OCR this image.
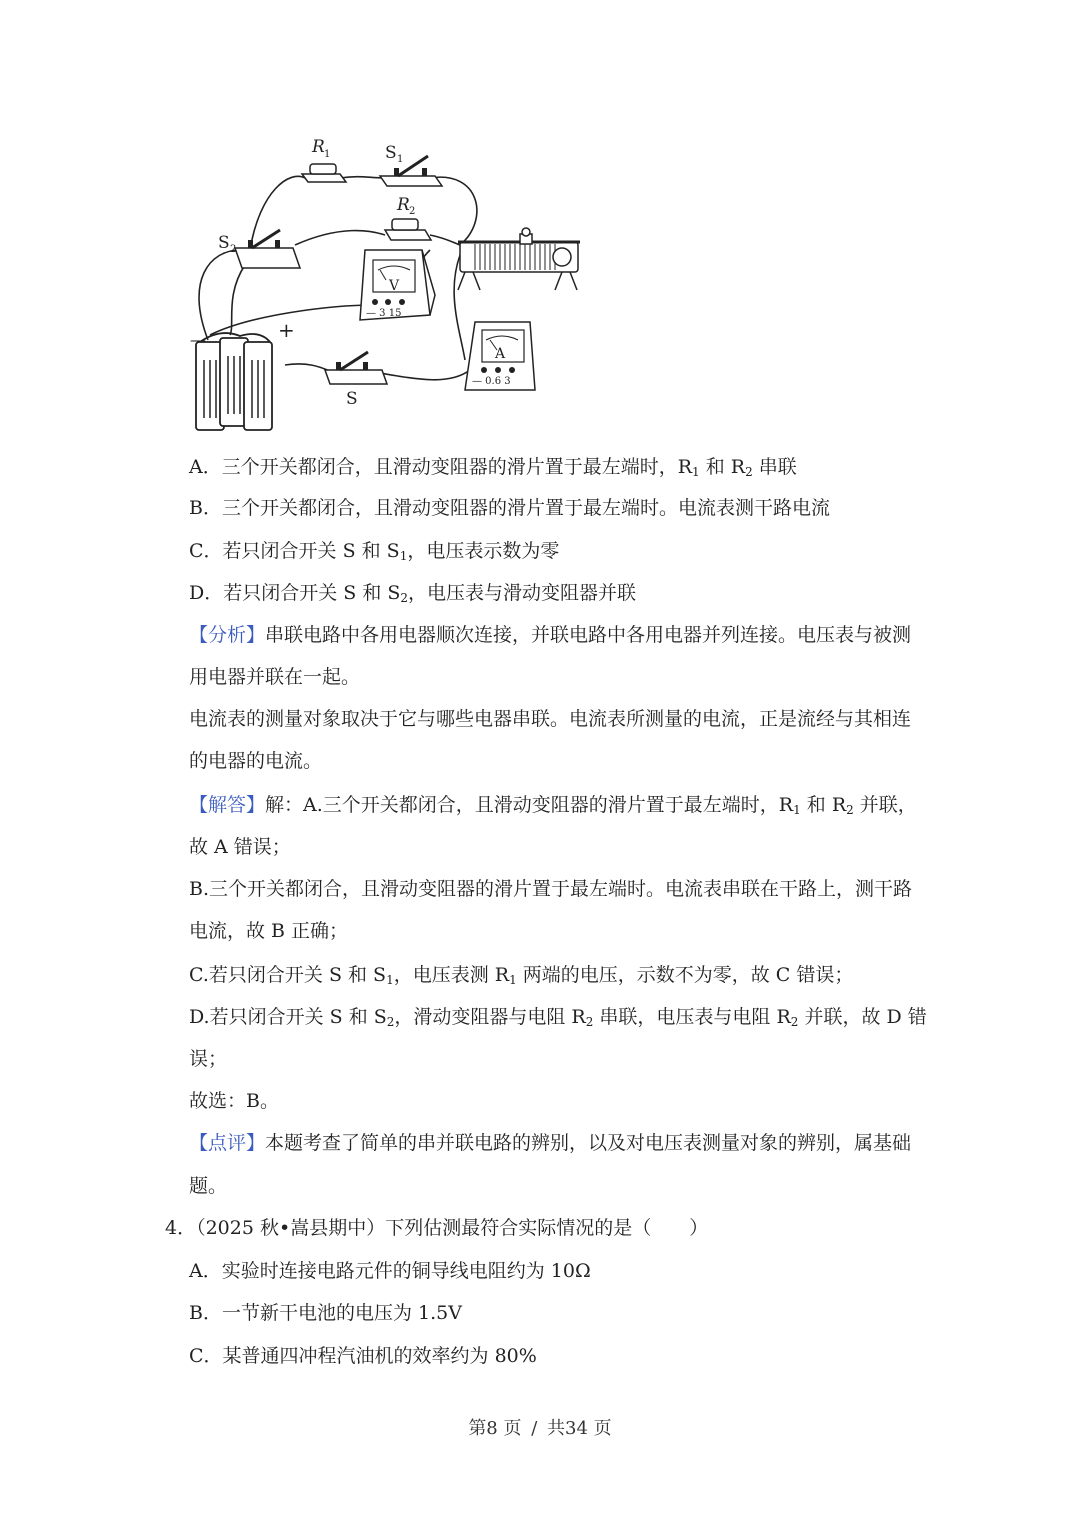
R 1	S 1
R 2
S 2
V
— 3 15
A
— 0.6 3
—	+
S
A．三个开关都闭合，且滑动变阻器的滑片置于最左端时，$R_1$ 和 $R_2$ 串联
B．三个开关都闭合，且滑动变阻器的滑片置于最左端时。电流表测干路电流
C．若只闭合开关 S 和 $S_1$，电压表示数为零
D．若只闭合开关 S 和 $S_2$，电压表与滑动变阻器并联
【分析】串联电路中各用电器顺次连接，并联电路中各用电器并列连接。电压表与被测
用电器并联在一起。
电流表的测量对象取决于它与哪些电器串联。电流表所测量的电流，正是流经与其相连
的电器的电流。
【解答】解：A.三个开关都闭合，且滑动变阻器的滑片置于最左端时，$R_1$ 和 $R_2$ 并联，
故 A 错误；
B.三个开关都闭合，且滑动变阻器的滑片置于最左端时。电流表串联在干路上，测干路
电流，故 B 正确；
C.若只闭合开关 S 和 $S_1$，电压表测 $R_1$ 两端的电压，示数不为零，故 C 错误；
D.若只闭合开关 S 和 $S_2$，滑动变阻器与电阻 $R_2$ 串联，电压表与电阻 $R_2$ 并联，故 D 错
误；
故选：B。
【点评】本题考查了简单的串并联电路的辨别，以及对电压表测量对象的辨别，属基础
题。
4．（2025 秋•嵩县期中）下列估测最符合实际情况的是（　　）
A．实验时连接电路元件的铜导线电阻约为 10Ω
B．一节新干电池的电压为 1.5V
C．某普通四冲程汽油机的效率约为 80%
第8 页 / 共34 页
